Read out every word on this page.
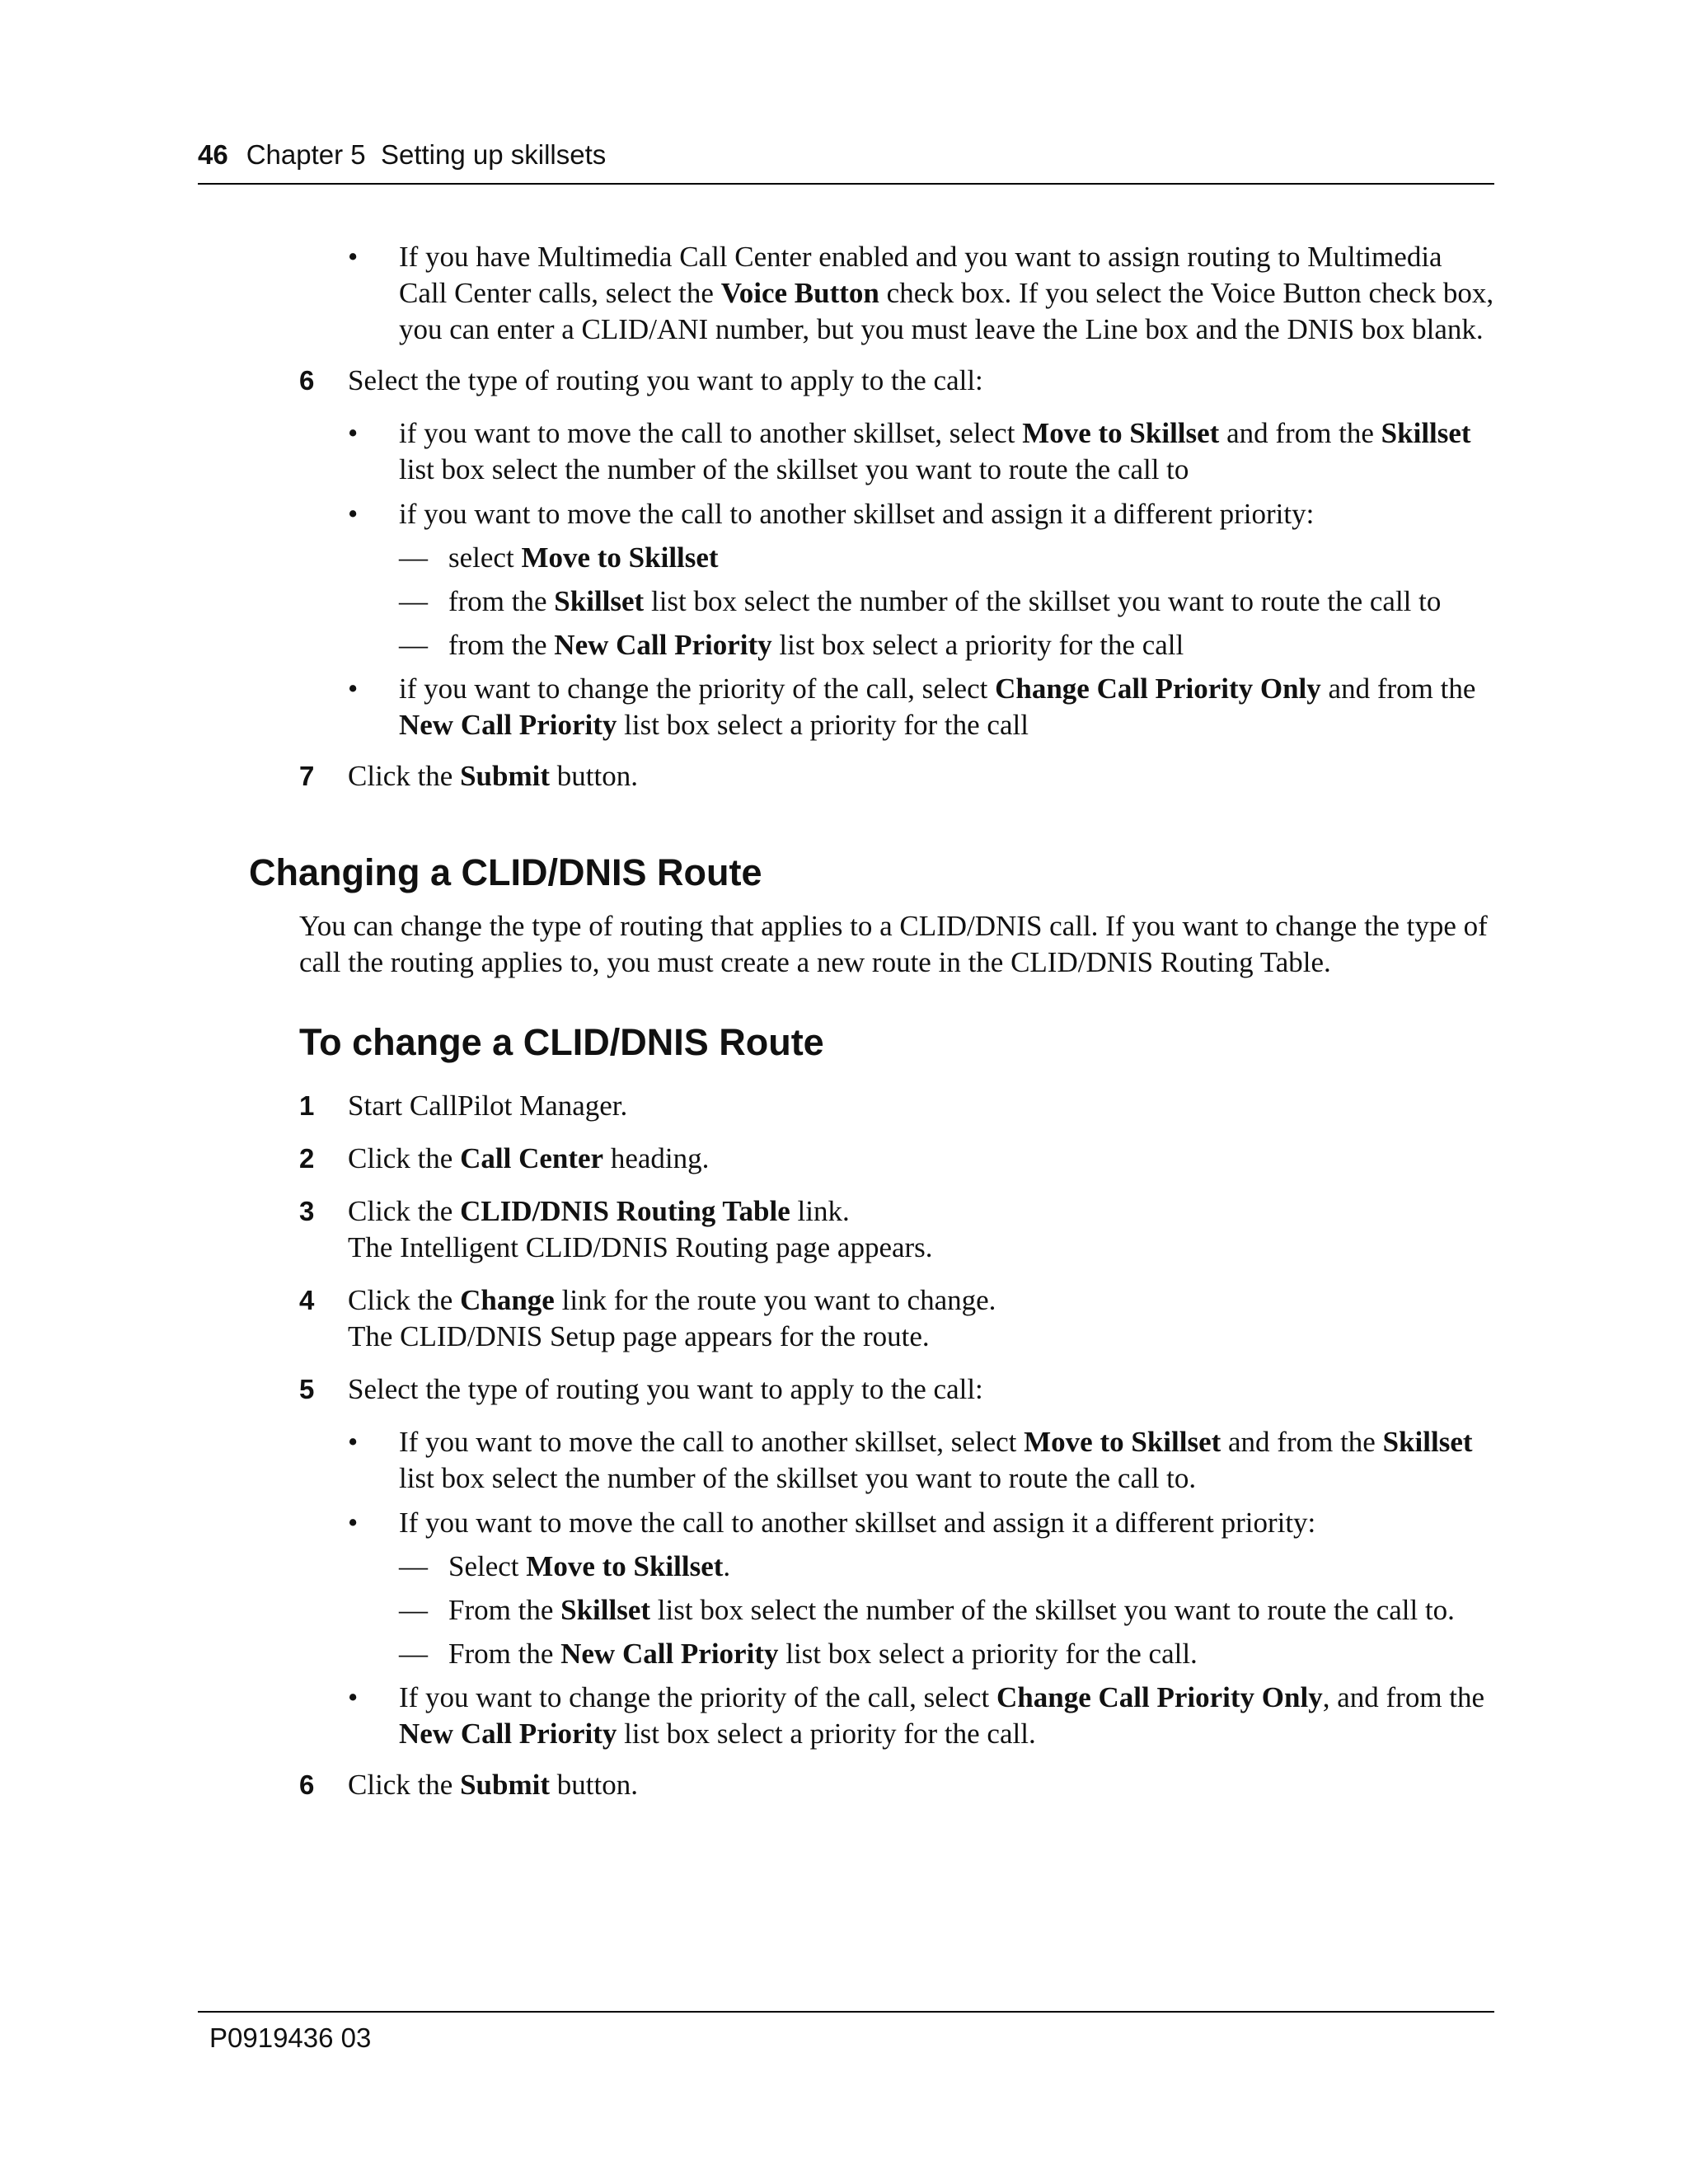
46 Chapter 5  Setting up skillsets
• If you have Multimedia Call Center enabled and you want to assign routing to Multimedia Call Center calls, select the Voice Button check box. If you select the Voice Button check box, you can enter a CLID/ANI number, but you must leave the Line box and the DNIS box blank.
6 Select the type of routing you want to apply to the call:
• if you want to move the call to another skillset, select Move to Skillset and from the Skillset list box select the number of the skillset you want to route the call to
• if you want to move the call to another skillset and assign it a different priority:
— select Move to Skillset
— from the Skillset list box select the number of the skillset you want to route the call to
— from the New Call Priority list box select a priority for the call
• if you want to change the priority of the call, select Change Call Priority Only and from the New Call Priority list box select a priority for the call
7 Click the Submit button.
Changing a CLID/DNIS Route
You can change the type of routing that applies to a CLID/DNIS call. If you want to change the type of call the routing applies to, you must create a new route in the CLID/DNIS Routing Table.
To change a CLID/DNIS Route
1 Start CallPilot Manager.
2 Click the Call Center heading.
3 Click the CLID/DNIS Routing Table link.
The Intelligent CLID/DNIS Routing page appears.
4 Click the Change link for the route you want to change.
The CLID/DNIS Setup page appears for the route.
5 Select the type of routing you want to apply to the call:
• If you want to move the call to another skillset, select Move to Skillset and from the Skillset list box select the number of the skillset you want to route the call to.
• If you want to move the call to another skillset and assign it a different priority:
— Select Move to Skillset.
— From the Skillset list box select the number of the skillset you want to route the call to.
— From the New Call Priority list box select a priority for the call.
• If you want to change the priority of the call, select Change Call Priority Only, and from the New Call Priority list box select a priority for the call.
6 Click the Submit button.
P0919436 03
